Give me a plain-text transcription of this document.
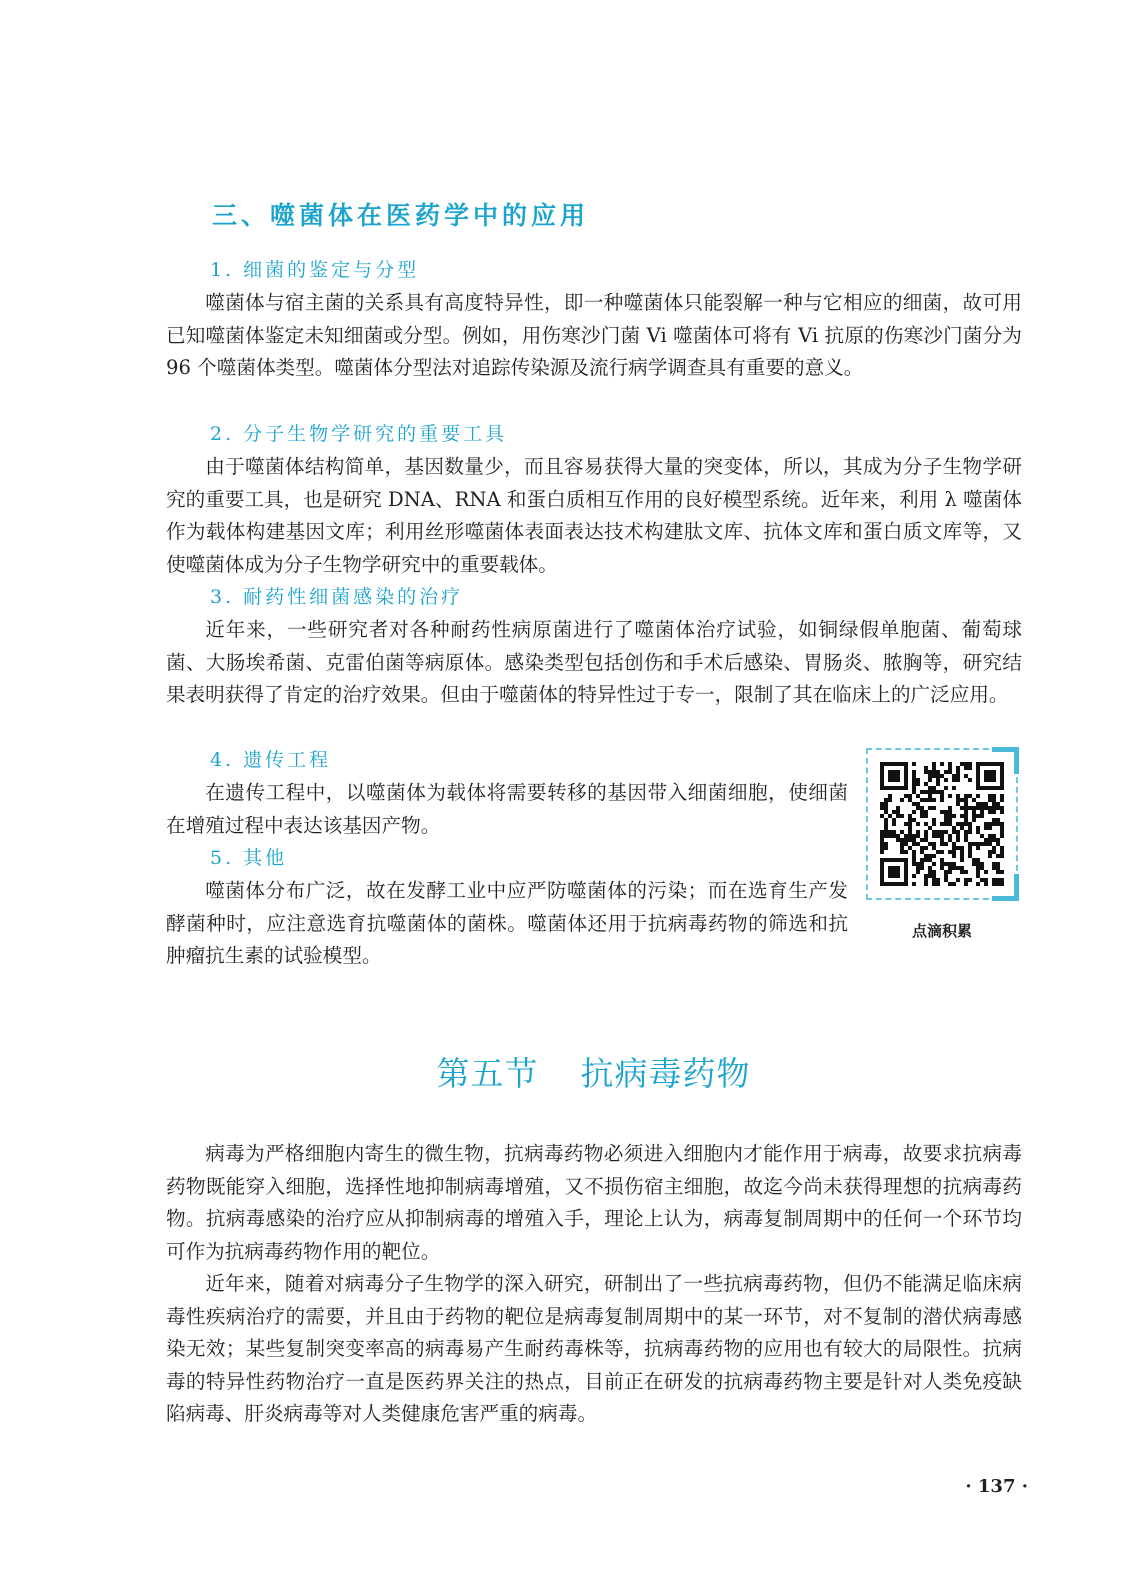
三、噬菌体在医药学中的应用
1. 细菌的鉴定与分型

噬菌体与宿主菌的关系具有高度特异性，即一种噬菌体只能裂解一种与它相应的细菌，故可用已知噬菌体鉴定未知细菌或分型。例如，用伤寒沙门菌 Vi 噬菌体可将有 Vi 抗原的伤寒沙门菌分为 96 个噬菌体类型。噬菌体分型法对追踪传染源及流行病学调查具有重要的意义。

2. 分子生物学研究的重要工具

由于噬菌体结构简单，基因数量少，而且容易获得大量的突变体，所以，其成为分子生物学研究的重要工具，也是研究 DNA、RNA 和蛋白质相互作用的良好模型系统。近年来，利用 λ 噬菌体作为载体构建基因文库；利用丝形噬菌体表面表达技术构建肽文库、抗体文库和蛋白质文库等，又使噬菌体成为分子生物学研究中的重要载体。

3. 耐药性细菌感染的治疗

近年来，一些研究者对各种耐药性病原菌进行了噬菌体治疗试验，如铜绿假单胞菌、葡萄球菌、大肠埃希菌、克雷伯菌等病原体。感染类型包括创伤和手术后感染、胃肠炎、脓胸等，研究结果表明获得了肯定的治疗效果。但由于噬菌体的特异性过于专一，限制了其在临床上的广泛应用。

4. 遗传工程

在遗传工程中，以噬菌体为载体将需要转移的基因带入细菌细胞，使细菌在增殖过程中表达该基因产物。

5. 其他

噬菌体分布广泛，故在发酵工业中应严防噬菌体的污染；而在选育生产发酵菌种时，应注意选育抗噬菌体的菌株。噬菌体还用于抗病毒药物的筛选和抗肿瘤抗生素的试验模型。

点滴积累
第五节 抗病毒药物

病毒为严格细胞内寄生的微生物，抗病毒药物必须进入细胞内才能作用于病毒，故要求抗病毒药物既能穿入细胞，选择性地抑制病毒增殖，又不损伤宿主细胞，故迄今尚未获得理想的抗病毒药物。抗病毒感染的治疗应从抑制病毒的增殖入手，理论上认为，病毒复制周期中的任何一个环节均可作为抗病毒药物作用的靶位。

近年来，随着对病毒分子生物学的深入研究，研制出了一些抗病毒药物，但仍不能满足临床病毒性疾病治疗的需要，并且由于药物的靶位是病毒复制周期中的某一环节，对不复制的潜伏病毒感染无效；某些复制突变率高的病毒易产生耐药毒株等，抗病毒药物的应用也有较大的局限性。抗病毒的特异性药物治疗一直是医药界关注的热点，目前正在研发的抗病毒药物主要是针对人类免疫缺陷病毒、肝炎病毒等对人类健康危害严重的病毒。

· 137 ·
